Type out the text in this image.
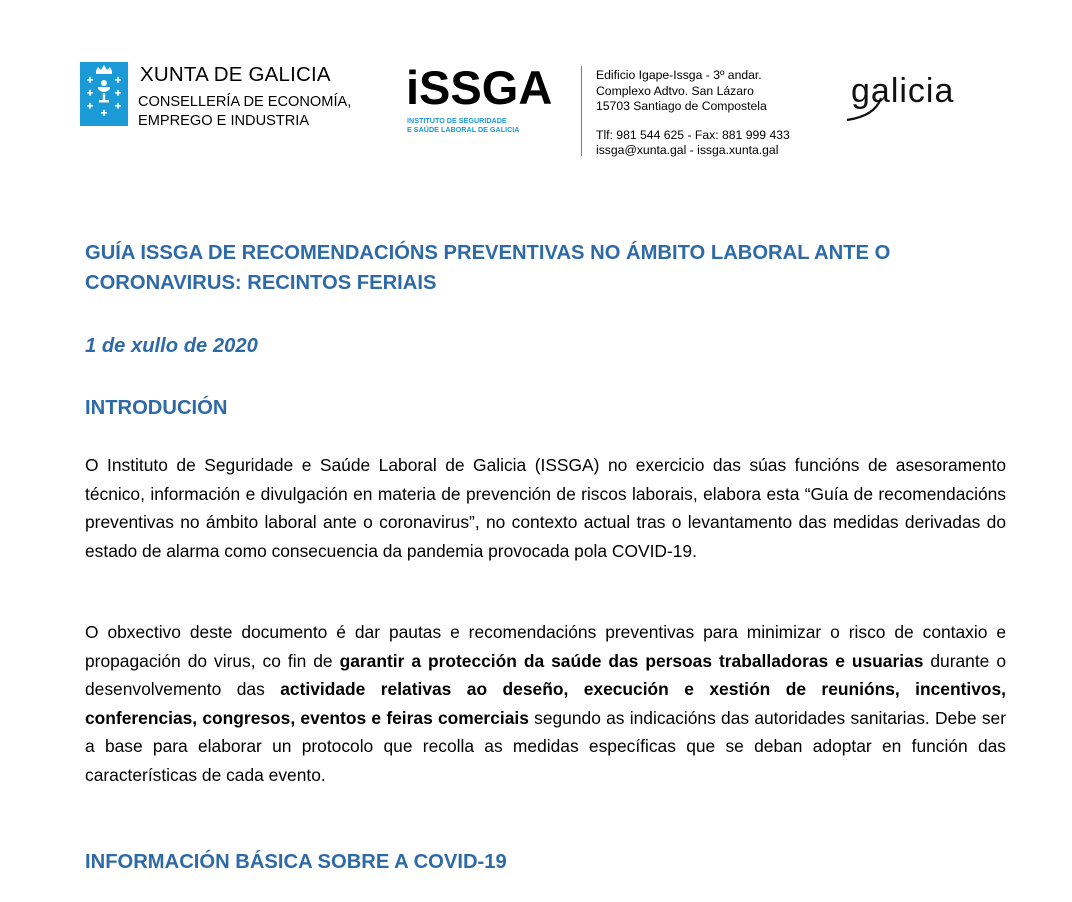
XUNTA DE GALICIA
CONSELLERÍA DE ECONOMÍA,
EMPREGO E INDUSTRIA
iSSGA
INSTITUTO DE SEGURIDADE
E SAÚDE LABORAL DE GALICIA
Edificio Igape-Issga - 3º andar.
Complexo Adtvo. San Lázaro
15703 Santiago de Compostela
Tlf: 981 544 625 - Fax: 881 999 433
issga@xunta.gal - issga.xunta.gal
galicia
GUÍA ISSGA DE RECOMENDACIÓNS PREVENTIVAS NO ÁMBITO LABORAL ANTE O CORONAVIRUS: RECINTOS FERIAIS
1 de xullo de 2020
INTRODUCIÓN

O Instituto de Seguridade e Saúde Laboral de Galicia (ISSGA) no exercicio das súas funcións de asesoramento técnico, información e divulgación en materia de prevención de riscos laborais, elabora esta “Guía de recomendacións preventivas no ámbito laboral ante o coronavirus”, no contexto actual tras o levantamento das medidas derivadas do estado de alarma como consecuencia da pandemia provocada pola COVID-19.

O obxectivo deste documento é dar pautas e recomendacións preventivas para minimizar o risco de contaxio e propagación do virus, co fin de garantir a protección da saúde das persoas traballadoras e usuarias durante o desenvolvemento das actividade relativas ao deseño, execución e xestión de reunións, incentivos, conferencias, congresos, eventos e feiras comerciais segundo as indicacións das autoridades sanitarias. Debe ser a base para elaborar un protocolo que recolla as medidas específicas que se deban adoptar en función das características de cada evento.

INFORMACIÓN BÁSICA SOBRE A COVID-19
